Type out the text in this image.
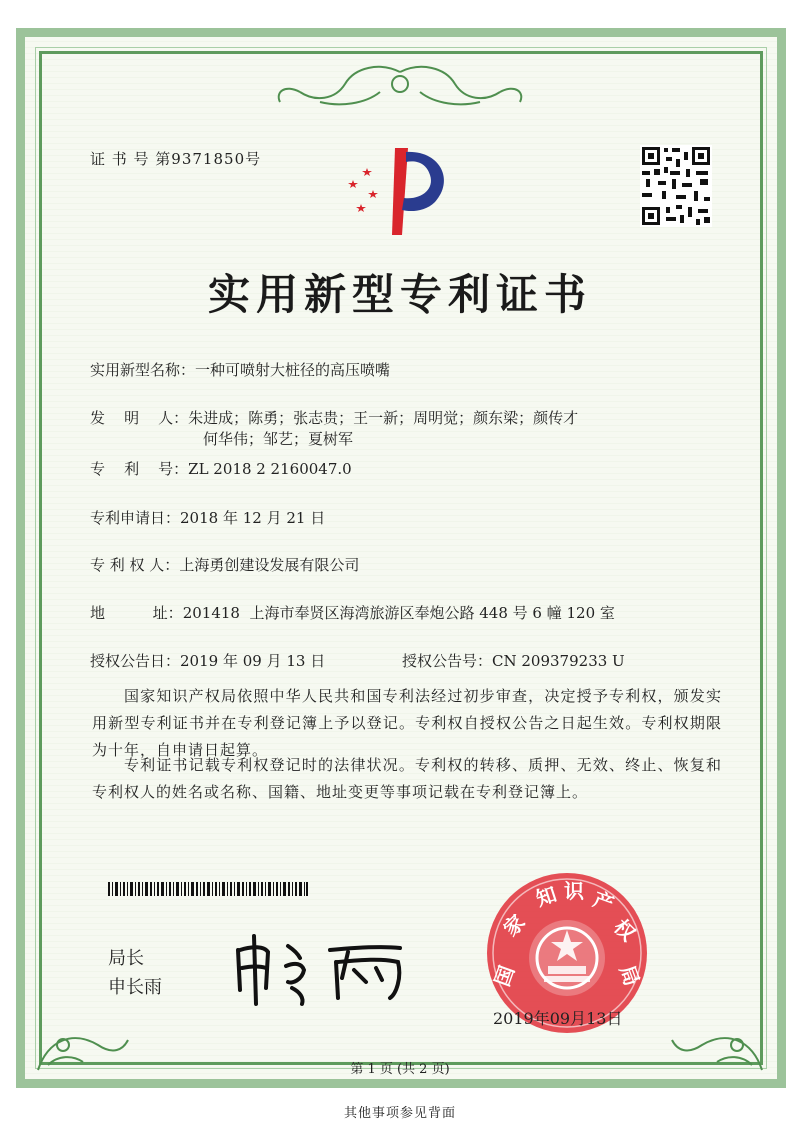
证 书 号 第9371850号
实用新型专利证书
实用新型名称：一种可喷射大桩径的高压喷嘴
发    明    人：朱进成；陈勇；张志贵；王一新；周明觉；颜东梁；颜传才
何华伟；邹艺；夏树军
专    利    号：ZL 2018 2 2160047.0
专利申请日：2018 年 12 月 21 日
专 利 权 人：上海勇创建设发展有限公司
地          址：201418  上海市奉贤区海湾旅游区奉炮公路 448 号 6 幢 120 室
授权公告日：2019 年 09 月 13 日	授权公告号：CN 209379233 U
国家知识产权局依照中华人民共和国专利法经过初步审查，决定授予专利权，颁发实用新型专利证书并在专利登记簿上予以登记。专利权自授权公告之日起生效。专利权期限为十年，自申请日起算。
专利证书记载专利权登记时的法律状况。专利权的转移、质押、无效、终止、恢复和专利权人的姓名或名称、国籍、地址变更等事项记载在专利登记簿上。
局长
申长雨	国
家
知 识 产
权
局
2019年09月13日
第 1 页 (共 2 页)
其他事项参见背面
